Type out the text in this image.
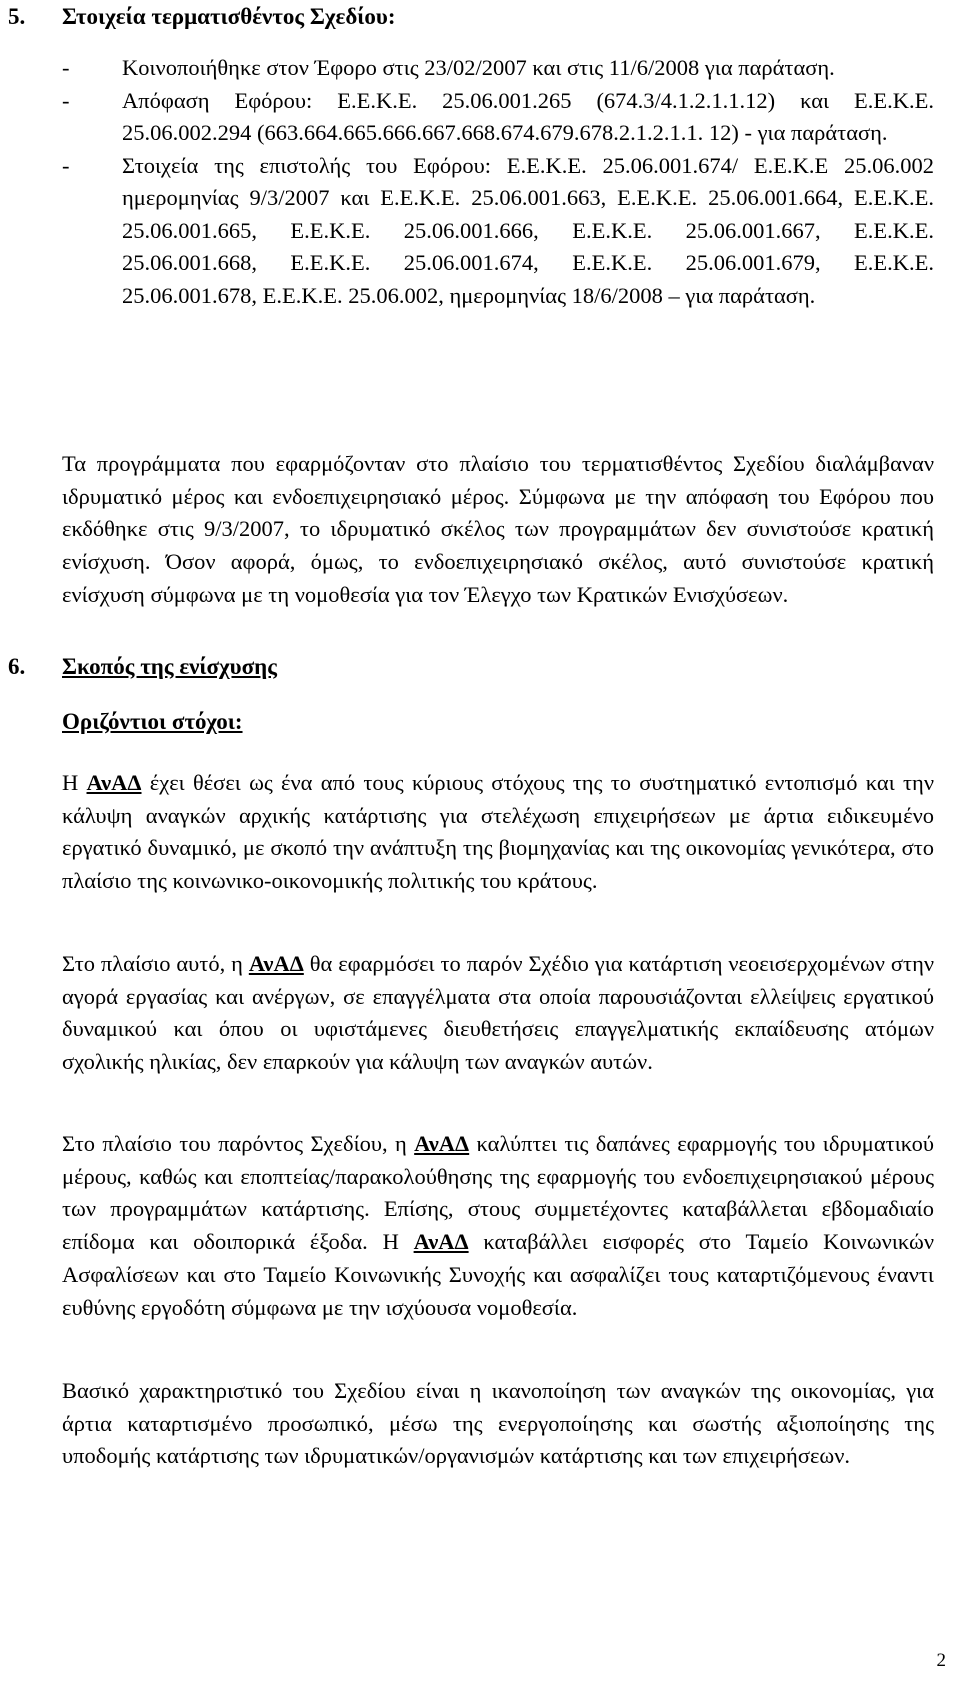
5. Στοιχεία τερματισθέντος Σχεδίου:
-	Κοινοποιήθηκε στον Έφορο στις 23/02/2007 και στις 11/6/2008 για παράταση.
-	Απόφαση Εφόρου: Ε.Ε.Κ.Ε. 25.06.001.265 (674.3/4.1.2.1.1.12) και Ε.Ε.Κ.Ε. 25.06.002.294 (663.664.665.666.667.668.674.679.678.2.1.2.1.1. 12) - για παράταση.
-	Στοιχεία της επιστολής του Εφόρου: Ε.Ε.Κ.Ε. 25.06.001.674/ Ε.Ε.Κ.Ε 25.06.002 ημερομηνίας 9/3/2007 και Ε.Ε.Κ.Ε. 25.06.001.663, Ε.Ε.Κ.Ε. 25.06.001.664, Ε.Ε.Κ.Ε. 25.06.001.665, Ε.Ε.Κ.Ε. 25.06.001.666, Ε.Ε.Κ.Ε. 25.06.001.667, Ε.Ε.Κ.Ε. 25.06.001.668, Ε.Ε.Κ.Ε. 25.06.001.674, Ε.Ε.Κ.Ε. 25.06.001.679, Ε.Ε.Κ.Ε. 25.06.001.678, Ε.Ε.Κ.Ε. 25.06.002, ημερομηνίας 18/6/2008 – για παράταση.

Τα προγράμματα που εφαρμόζονταν στο πλαίσιο του τερματισθέντος Σχεδίου διαλάμβαναν ιδρυματικό μέρος και ενδοεπιχειρησιακό μέρος. Σύμφωνα με την απόφαση του Εφόρου που εκδόθηκε στις 9/3/2007, το ιδρυματικό σκέλος των προγραμμάτων δεν συνιστούσε κρατική ενίσχυση. Όσον αφορά, όμως, το ενδοεπιχειρησιακό σκέλος, αυτό συνιστούσε κρατική ενίσχυση σύμφωνα με τη νομοθεσία για τον Έλεγχο των Κρατικών Ενισχύσεων.

6. Σκοπός της ενίσχυσης
Οριζόντιοι στόχοι:

Η ΑνΑΔ έχει θέσει ως ένα από τους κύριους στόχους της το συστηματικό εντοπισμό και την κάλυψη αναγκών αρχικής κατάρτισης για στελέχωση επιχειρήσεων με άρτια ειδικευμένο εργατικό δυναμικό, με σκοπό την ανάπτυξη της βιομηχανίας και της οικονομίας γενικότερα, στο πλαίσιο της κοινωνικο-οικονομικής πολιτικής του κράτους.

Στο πλαίσιο αυτό, η ΑνΑΔ θα εφαρμόσει το παρόν Σχέδιο για κατάρτιση νεοεισερχομένων στην αγορά εργασίας και ανέργων, σε επαγγέλματα στα οποία παρουσιάζονται ελλείψεις εργατικού δυναμικού και όπου οι υφιστάμενες διευθετήσεις επαγγελματικής εκπαίδευσης ατόμων σχολικής ηλικίας, δεν επαρκούν για κάλυψη των αναγκών αυτών.

Στο πλαίσιο του παρόντος Σχεδίου, η ΑνΑΔ καλύπτει τις δαπάνες εφαρμογής του ιδρυματικού μέρους, καθώς και εποπτείας/παρακολούθησης της εφαρμογής του ενδοεπιχειρησιακού μέρους των προγραμμάτων κατάρτισης. Επίσης, στους συμμετέχοντες καταβάλλεται εβδομαδιαίο επίδομα και οδοιπορικά έξοδα. Η ΑνΑΔ καταβάλλει εισφορές στο Ταμείο Κοινωνικών Ασφαλίσεων και στο Ταμείο Κοινωνικής Συνοχής και ασφαλίζει τους καταρτιζόμενους έναντι ευθύνης εργοδότη σύμφωνα με την ισχύουσα νομοθεσία.

Βασικό χαρακτηριστικό του Σχεδίου είναι η ικανοποίηση των αναγκών της οικονομίας, για άρτια καταρτισμένο προσωπικό, μέσω της ενεργοποίησης και σωστής αξιοποίησης της υποδομής κατάρτισης των ιδρυματικών/οργανισμών κατάρτισης και των επιχειρήσεων.

2
